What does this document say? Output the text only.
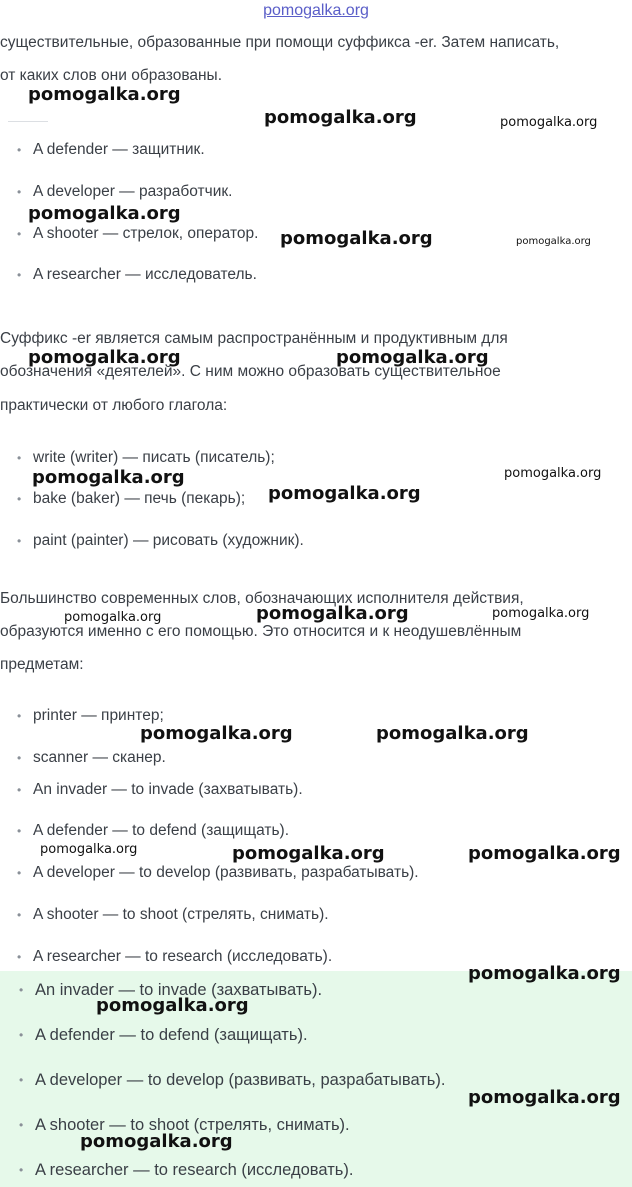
pomogalka.org
существительные, образованные при помощи суффикса -er. Затем написать,
от каких слов они образованы.
• A defender — защитник.
• A developer — разработчик.
• A shooter — стрелок, оператор.
• A researcher — исследователь.
Суффикс -er является самым распространённым и продуктивным для
обозначения «деятелей». С ним можно образовать существительное
практически от любого глагола:
• write (writer) — писать (писатель);
• bake (baker) — печь (пекарь);
• paint (painter) — рисовать (художник).
Большинство современных слов, обозначающих исполнителя действия,
образуются именно с его помощью. Это относится и к неодушевлённым
предметам:
• printer — принтер;
• scanner — сканер.
• An invader — to invade (захватывать).
• A defender — to defend (защищать).
• A developer — to develop (развивать, разрабатывать).
• A shooter — to shoot (стрелять, снимать).
• A researcher — to research (исследовать).
• An invader — to invade (захватывать).
• A defender — to defend (защищать).
• A developer — to develop (развивать, разрабатывать).
• A shooter — to shoot (стрелять, снимать).
• A researcher — to research (исследовать).
pomogalka.org
pomogalka.org	pomogalka.org
pomogalka.org
pomogalka.org	pomogalka.org
pomogalka.org	pomogalka.org
pomogalka.org	pomogalka.org
pomogalka.org
pomogalka.org	pomogalka.org	pomogalka.org
pomogalka.org	pomogalka.org
pomogalka.org	pomogalka.org	pomogalka.org
pomogalka.org
pomogalka.org
pomogalka.org
pomogalka.org
